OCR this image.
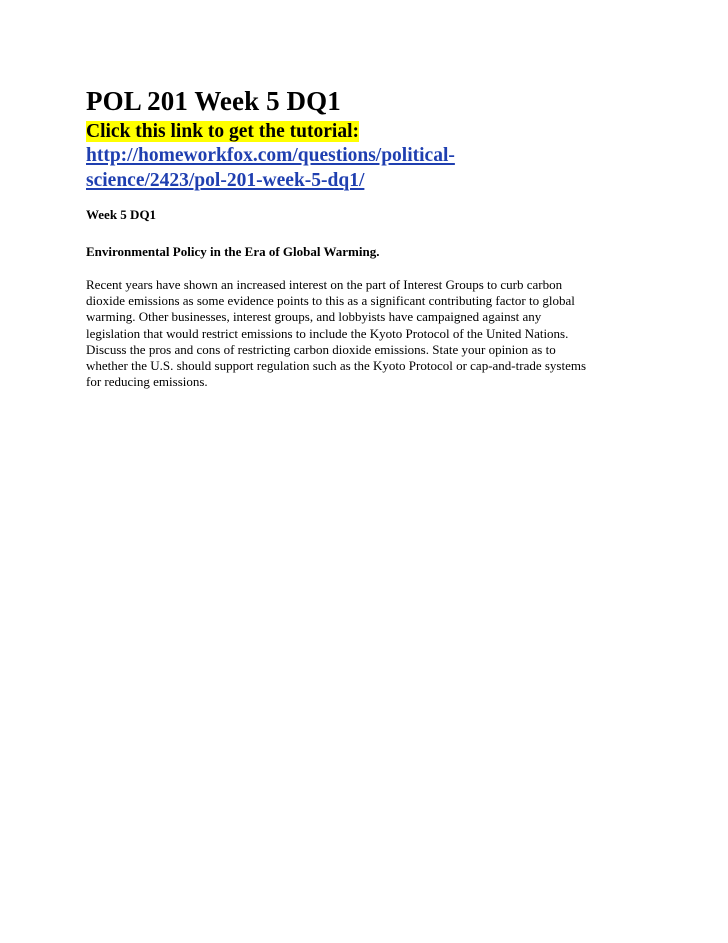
POL 201 Week 5 DQ1
Click this link to get the tutorial:
http://homeworkfox.com/questions/political-
science/2423/pol-201-week-5-dq1/
Week 5 DQ1
Environmental Policy in the Era of Global Warming.
Recent years have shown an increased interest on the part of Interest Groups to curb carbon
dioxide emissions as some evidence points to this as a significant contributing factor to global
warming. Other businesses, interest groups, and lobbyists have campaigned against any
legislation that would restrict emissions to include the Kyoto Protocol of the United Nations.
Discuss the pros and cons of restricting carbon dioxide emissions. State your opinion as to
whether the U.S. should support regulation such as the Kyoto Protocol or cap-and-trade systems
for reducing emissions.
